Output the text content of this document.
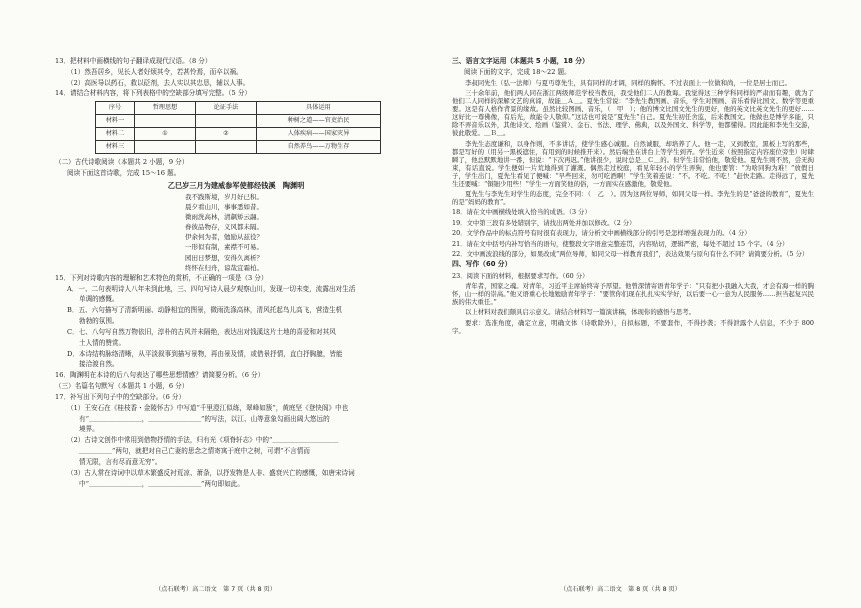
13．把材料中画横线的句子翻译成现代汉语。（8 分）
（1）然吾居乡，见长人者好烦其令，若甚怜焉，而卒以祸。
（2）高医导以药石，救以砭剂，去人实以其忠恳，辅以人事。
14．请结合材料内容，将下列表格中的空缺部分填写完整。（5 分）
序号	哲理思想	论证手法	具体运用
材料一			种树之道——官吏治民
材料二	①	②	人体疾病——国家灾异
材料三			自然养鸟——万物生存
（二）古代诗歌阅读（本题共 2 小题，9 分）
阅读下面这首诗歌，完成 15～16 题。
乙巳岁三月为建威参军使都经钱溪　陶渊明
我不践斯境，岁月好已积。
晨夕看山川，事事悉如昔。
微雨洗高林，清飙矫云翮。
眷彼品物存，义风都未隔。
伊余何为者，勉励从兹役？
一形似有制，素襟不可易。
园田日梦想，安得久离析？
终怀在归舟，谅哉宜霜柏。
15．下列对诗歌内容的理解和艺术特色的赏析，不正确的一项是（3 分）
A．一、二句表明诗人八年未到此地，三、四句写诗人晨夕观察山川，发现一切未变，流露出对生活
单调的感慨。
B．五、六句描写了清新明丽、动静相宜的图景，微雨洗涤高林，清风托起鸟儿高飞，营造生机
勃勃的氛围。
C．七、八句写自然万物依旧，淳朴的古风并未隔绝，表达出对钱溪这片土地的喜爱和对其风
土人情的赞赏。
D．本诗结构脉络清晰，从平淡叙事到描写景物，再由景及情，或借景抒情，直白抒胸臆，皆能
接洽渡自然。
16．陶渊明在本诗的后八句表达了哪些思想情感？请简要分析。（6 分）
（三）名篇名句默写（本题共 1 小题，6 分）
17．补写出下列句子中的空缺部分。（6 分）
（1）王安石在《桂枝香・金陵怀古》中写道“千里澄江似练，翠峰如簇”，黄庭坚《登快阁》中也
有“＿＿＿＿＿＿＿＿，＿＿＿＿＿＿＿＿”的写法，以江、山等意象勾画出阔大悠远的
境界。
（2）古诗文创作中常用到借物抒情的手法，归有光《项脊轩志》中的“＿＿＿＿＿＿＿＿＿＿
＿＿＿＿＿”两句，就把对自己亡妻的思念之情寄寓于庭中之树，可谓“不言情而
情无限，言有尽而意无穷”。
（3）古人常在诗词中以草木繁盛反衬荒凉、萧条，以抒发物是人非、盛衰兴亡的感慨，如唐宋诗词
中“＿＿＿＿＿＿＿＿，＿＿＿＿＿＿＿＿”两句即如此。
三、语言文字运用（本题共 5 小题，18 分）
阅读下面的文字，完成 18～22 题。
李叔同先生（弘一法师）与夏丏尊先生，具有同样的才调，同样的胸怀。不过表面上一位做和尚，一位是居士而已。
三十余年前，他们两人同在浙江两级师范学校当教员，我受他们二人的教诲。我觉得这三种学科同样的严肃而有趣，就为了他们二人同样的深解文艺的真谛，故能＿Ａ＿。夏先生常说：“李先生教图画、音乐，学生对图画、音乐看得比国文、数学等更重要。这是有人格作背景的缘故。虽然比较图画、音乐，（　甲　）；他的博文比国文先生的更好，他的英文比英文先生的更好……这好比一尊佛像，有后光，故能令人敬仰。”这话也可说是“夏先生”自己。夏先生初任舍监，后来教国文。他做也是博学多能，只除不弄音乐以外，其他诗文、绘画（鉴赏）、金石、书法、理学、佛典，以及外国文、科学等，他都懂得。因此能和李先生交游，彼此敬爱。＿Ｂ＿。
李先生态度谦和，以身作则，不多讲话，使学生感心诚服。自然诚服，却培养了人。他一走，又到教室，黑板上写的那些，都是写好的（用另一黑板遮住，有用到的时候推开来）。然后端坐在讲台上等学生到齐。学生近来（按照指定内容座位旁坐）时肆瞬了，他总默默地讲一番，但说：“下次再迟。”他讲很少，说时总是＿Ｃ＿的。但学生非常怕他，敬爱他。夏先生则不然，尝无拘束，有话直说。学生便如一片荒地得到了灌溉。偶然走过校庭，看见年轻小的学生弄狗，他也要管：“为啥同狗为难！”放假日子，学生出门，夏先生看见了便喊：“早些回来，勿可吃酒啊！”学生笑着连说：“不。不吃。不吃！”赶快走路。走得远了，夏先生还要喊：“铜钿少用些！”学生一方面笑他的俗，一方面实在感激他，敬爱他。
夏先生与李先生对学生的态度，完全不同：（　乙　）。因为这两位导师，如同父母一样。李先生的是“爸爸的教育”，夏先生的是“妈妈的教育”。
18．请在文中画横线处填入恰当的成语。（3 分）
19．文中第三段有多处错别字，请找出两处并加以修改。（2 分）
20．文学作品中的标点符号有时很有表现力，请分析文中画横线部分的引号是怎样增强表现力的。（4 分）
21．请在文中括号内补写恰当的语句，使整段文字语意完整连贯，内容贴切，逻辑严密，每处不超过 15 个字。（4 分）
22．文中画波浪线的部分，如果改成“两位导师，如同父母一样教育我们”，表达效果与原句有什么不同？请简要分析。（5 分）
四、写作（60 分）
23．阅读下面的材料，根据要求写作。（60 分）
青年者，国家之魂。对青年，习近平主席始终寄予厚望。他曾深情寄语青年学子：“只有把小我融入大我，才会有海一样的胸怀，山一样的崇高。”他又语重心长地勉励青年学子：“要管你们现在扎扎实实学好，以后要一心一意为人民服务……担当起复兴民族的伟大重任。”
以上材料对我们颇具启示意义。请结合材料写一篇演讲稿，体现你的感悟与思考。
要求：选准角度，确定立意，明确文体（诗歌除外），自拟标题，不要套作，不得抄袭；不得泄露个人信息，不少于 800 字。
（点石联考）高二语文　第 7 页（共 8 页）	（点石联考）高二语文　第 8 页（共 8 页）
